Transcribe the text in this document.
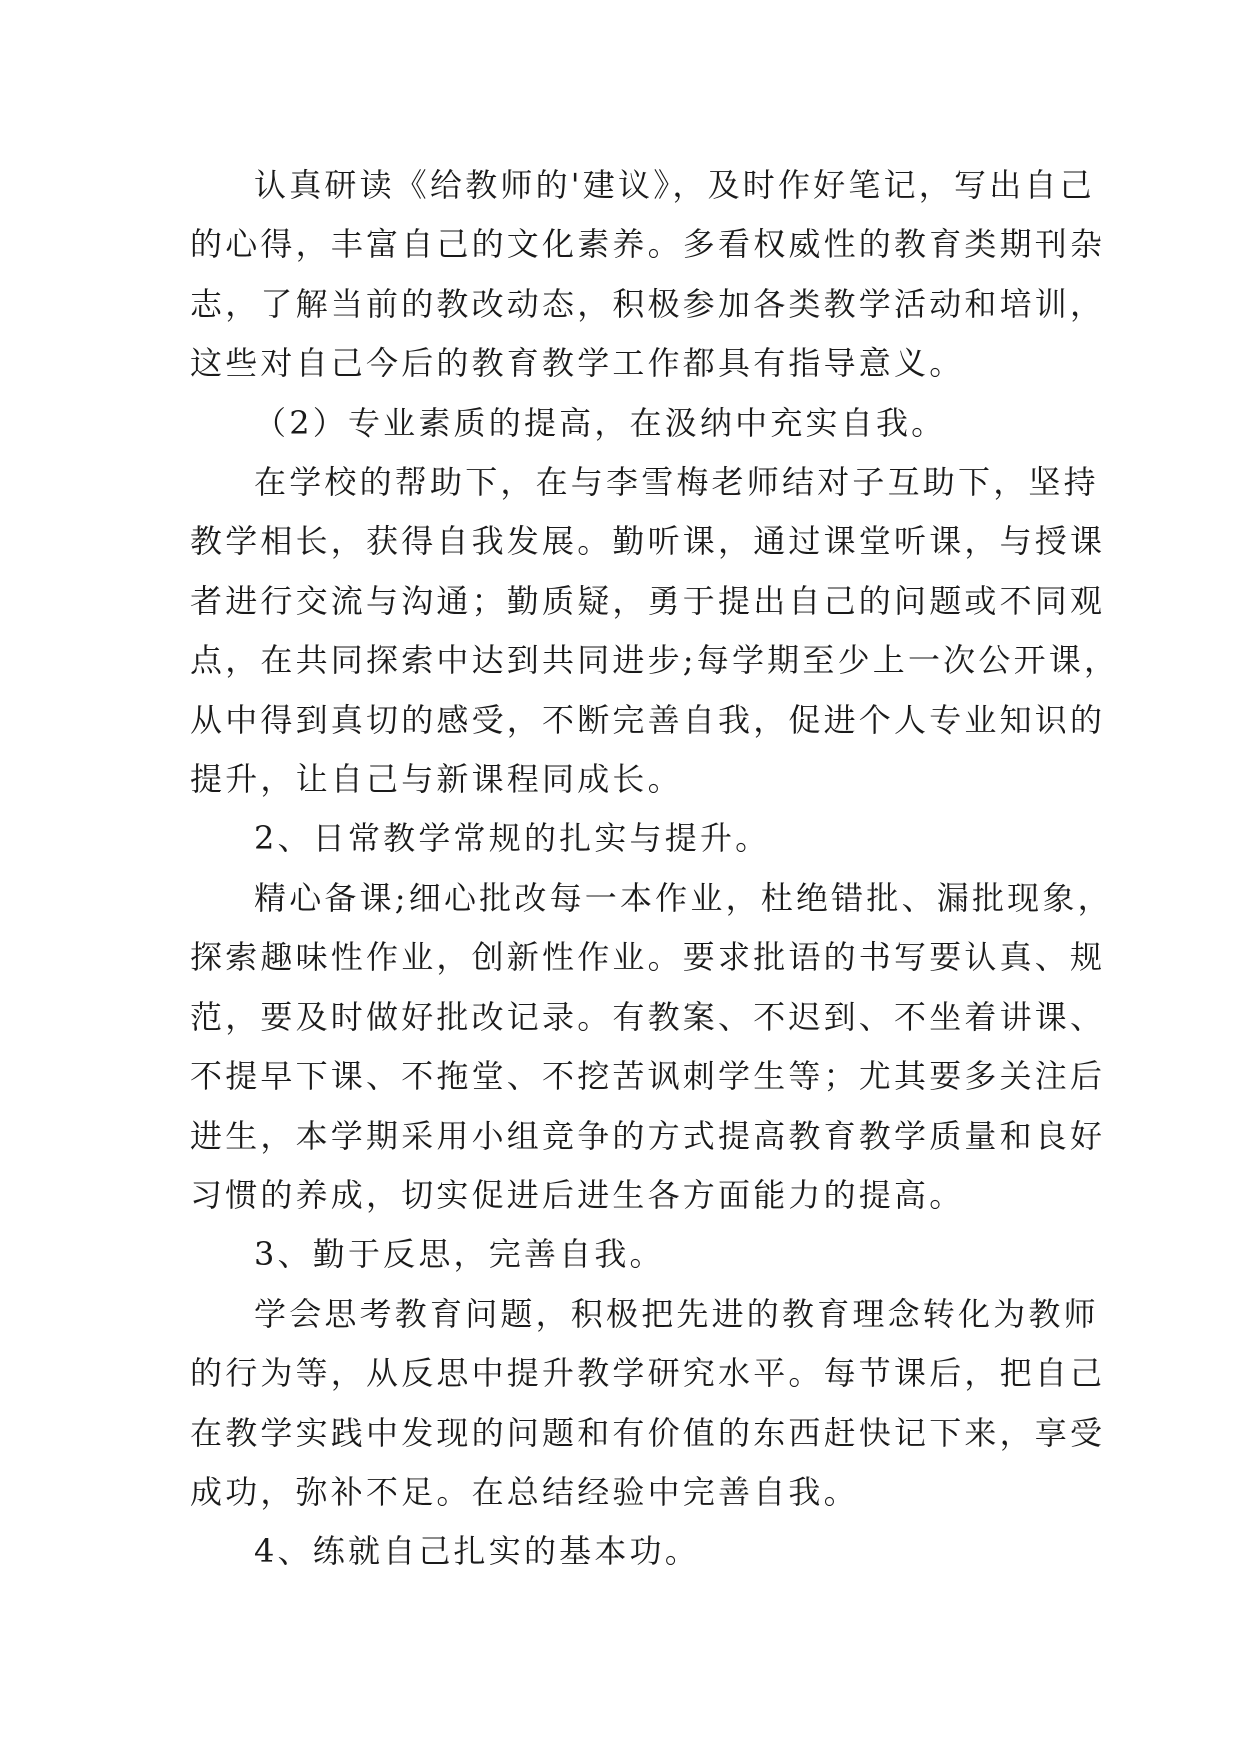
认真研读《给教师的'建议》，及时作好笔记，写出自己
的心得，丰富自己的文化素养。多看权威性的教育类期刊杂
志，了解当前的教改动态，积极参加各类教学活动和培训，
这些对自己今后的教育教学工作都具有指导意义。
（2）专业素质的提高，在汲纳中充实自我。
在学校的帮助下，在与李雪梅老师结对子互助下，坚持
教学相长，获得自我发展。勤听课，通过课堂听课，与授课
者进行交流与沟通；勤质疑，勇于提出自己的问题或不同观
点，在共同探索中达到共同进步;每学期至少上一次公开课，
从中得到真切的感受，不断完善自我，促进个人专业知识的
提升，让自己与新课程同成长。
2、日常教学常规的扎实与提升。
精心备课;细心批改每一本作业，杜绝错批、漏批现象，
探索趣味性作业，创新性作业。要求批语的书写要认真、规
范，要及时做好批改记录。有教案、不迟到、不坐着讲课、
不提早下课、不拖堂、不挖苦讽刺学生等；尤其要多关注后
进生，本学期采用小组竞争的方式提高教育教学质量和良好
习惯的养成，切实促进后进生各方面能力的提高。
3、勤于反思，完善自我。
学会思考教育问题，积极把先进的教育理念转化为教师
的行为等，从反思中提升教学研究水平。每节课后，把自己
在教学实践中发现的问题和有价值的东西赶快记下来，享受
成功，弥补不足。在总结经验中完善自我。
4、练就自己扎实的基本功。
